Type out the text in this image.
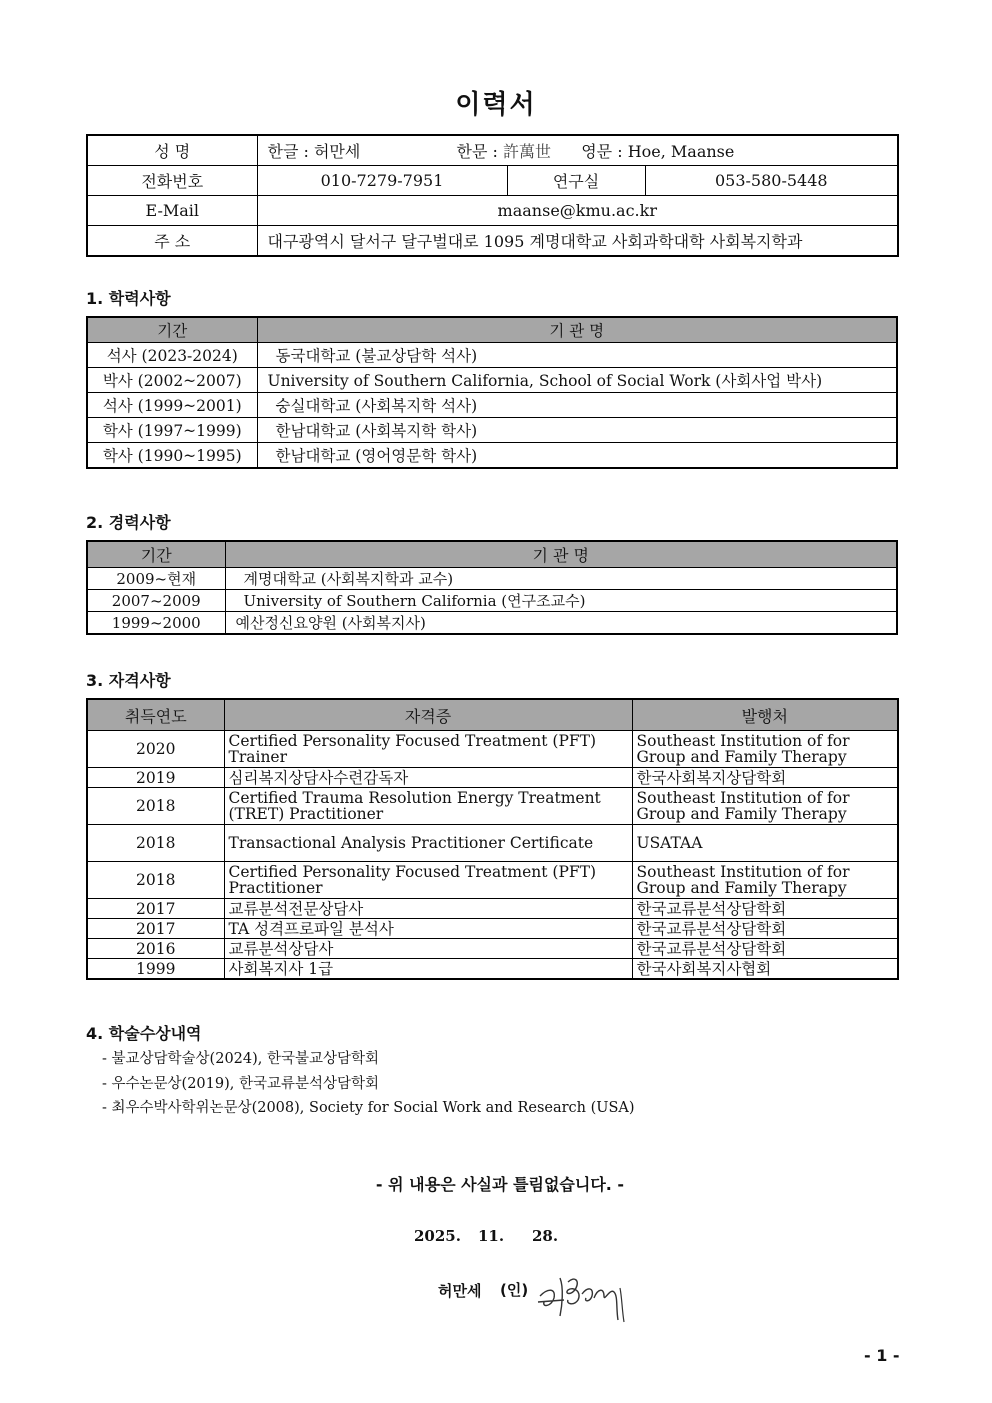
이력서
성 명	한글 : 허만세 한문 : 許萬世 영문 : Hoe, Maanse		
전화번호	010-7279-7951	연구실	053-580-5448
E-Mail	maanse@kmu.ac.kr		
주 소	대구광역시 달서구 달구벌대로 1095 계명대학교 사회과학대학 사회복지학과		
1. 학력사항
기간	기 관 명
석사 (2023-2024)	동국대학교 (불교상담학 석사)
박사 (2002~2007)	University of Southern California, School of Social Work (사회사업 박사)
석사 (1999~2001)	숭실대학교 (사회복지학 석사)
학사 (1997~1999)	한남대학교 (사회복지학 학사)
학사 (1990~1995)	한남대학교 (영어영문학 학사)
2. 경력사항
기간	기 관 명
2009~현재	계명대학교 (사회복지학과 교수)
2007~2009	University of Southern California (연구조교수)
1999~2000	예산정신요양원 (사회복지사)
3. 자격사항
취득연도	자격증	발행처
2020	Certified Personality Focused Treatment (PFT) Trainer	Southeast Institution of for Group and Family Therapy
2019	심리복지상담사수련감독자	한국사회복지상담학회
2018	Certified Trauma Resolution Energy Treatment (TRET) Practitioner	Southeast Institution of for Group and Family Therapy
2018	Transactional Analysis Practitioner Certificate	USATAA
2018	Certified Personality Focused Treatment (PFT) Practitioner	Southeast Institution of for Group and Family Therapy
2017	교류분석전문상담사	한국교류분석상담학회
2017	TA 성격프로파일 분석사	한국교류분석상담학회
2016	교류분석상담사	한국교류분석상담학회
1999	사회복지사 1급	한국사회복지사협회
4. 학술수상내역
- 불교상담학술상(2024), 한국불교상담학회
- 우수논문상(2019), 한국교류분석상담학회
- 최우수박사학위논문상(2008), Society for Social Work and Research (USA)
- 위 내용은 사실과 틀림없습니다. -
2025. 11. 28.
허만세 (인)
- 1 -
